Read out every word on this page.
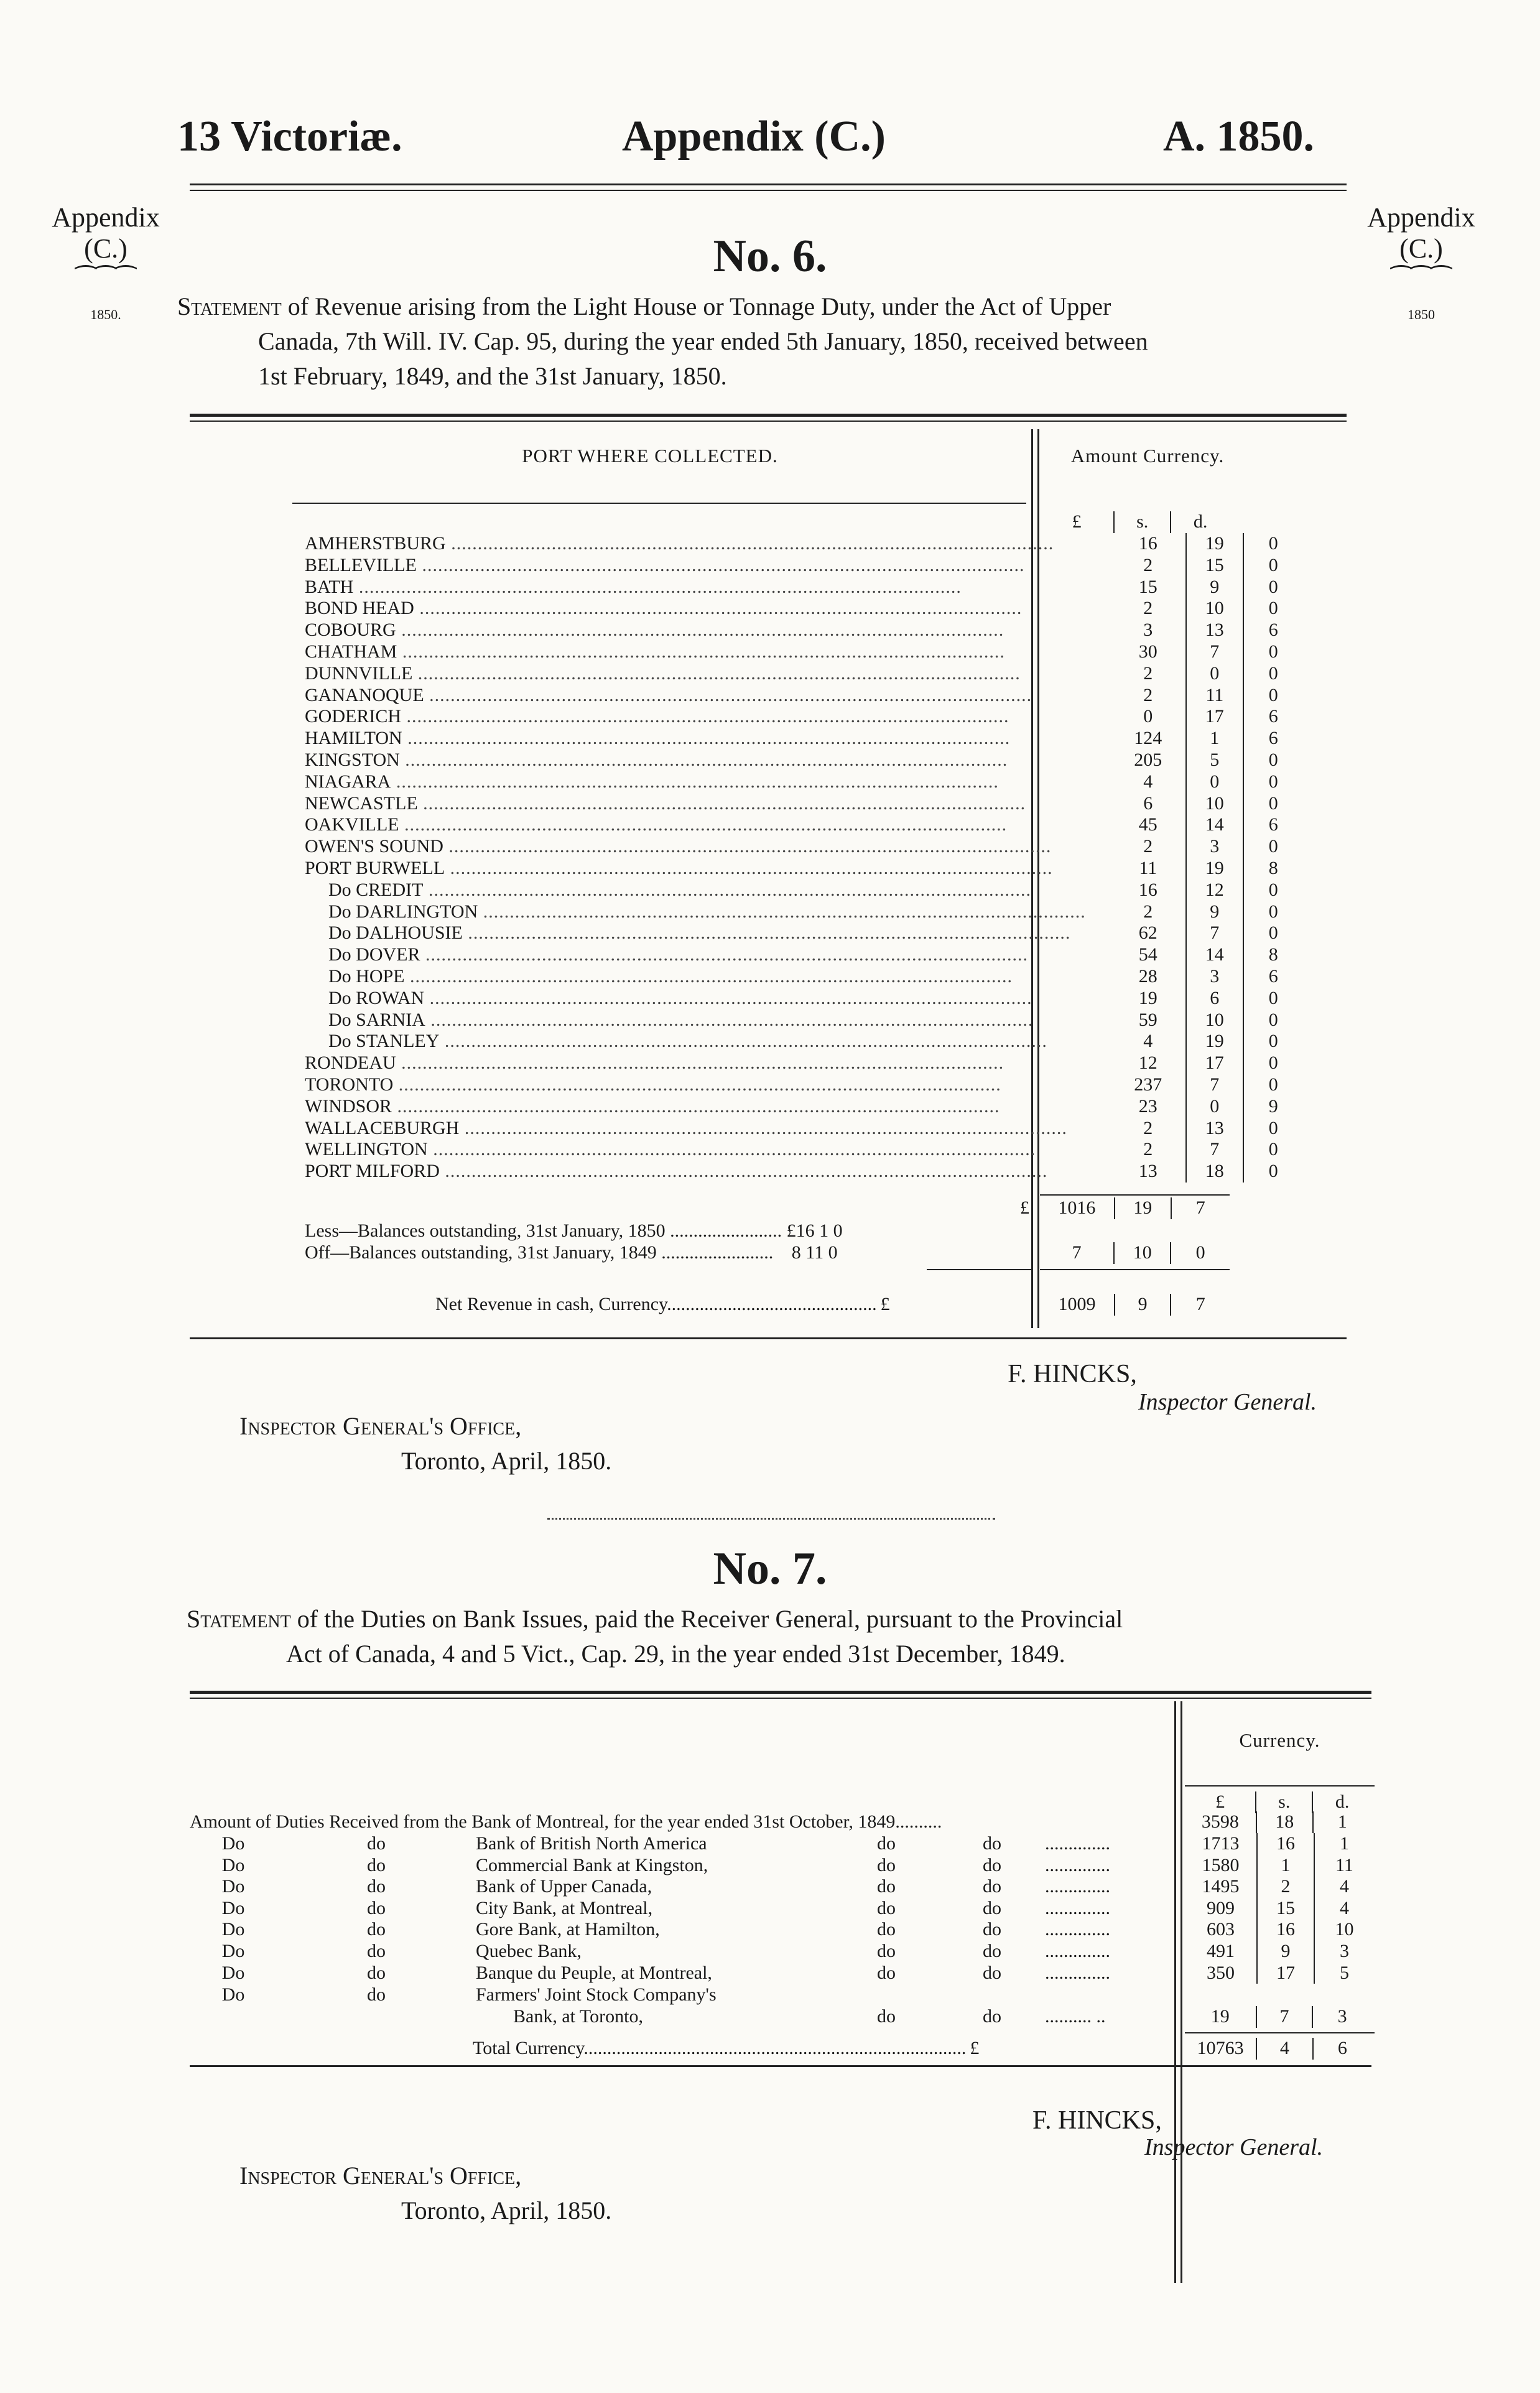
13 Victoriæ.	Appendix (C.)	A. 1850.
Appendix
(C.)
⁀⁀⁀
1850.
Appendix
(C.)
⁀⁀⁀
1850
No. 6.
Statement of Revenue arising from the Light House or Tonnage Duty, under the Act of Upper
Canada, 7th Will. IV. Cap. 95, during the year ended 5th January, 1850, received between
1st February, 1849, and the 31st January, 1850.
PORT WHERE COLLECTED.	Amount Currency.
£	s.	d.
AMHERSTBURG ..................................................................................................................		16	19	0
BELLEVILLE ..................................................................................................................		2	15	0
BATH ..................................................................................................................		15	9	0
BOND HEAD ..................................................................................................................		2	10	0
COBOURG ..................................................................................................................		3	13	6
CHATHAM ..................................................................................................................		30	7	0
DUNNVILLE ..................................................................................................................		2	0	0
GANANOQUE ..................................................................................................................		2	11	0
GODERICH ..................................................................................................................		0	17	6
HAMILTON ..................................................................................................................		124	1	6
KINGSTON ..................................................................................................................		205	5	0
NIAGARA ..................................................................................................................		4	0	0
NEWCASTLE ..................................................................................................................		6	10	0
OAKVILLE ..................................................................................................................		45	14	6
OWEN'S SOUND ..................................................................................................................		2	3	0
PORT BURWELL ..................................................................................................................		11	19	8
Do CREDIT ..................................................................................................................		16	12	0
Do DARLINGTON ..................................................................................................................		2	9	0
Do DALHOUSIE ..................................................................................................................		62	7	0
Do DOVER ..................................................................................................................		54	14	8
Do HOPE ..................................................................................................................		28	3	6
Do ROWAN ..................................................................................................................		19	6	0
Do SARNIA ..................................................................................................................		59	10	0
Do STANLEY ..................................................................................................................		4	19	0
RONDEAU ..................................................................................................................		12	17	0
TORONTO ..................................................................................................................		237	7	0
WINDSOR ..................................................................................................................		23	0	9
WALLACEBURGH ..................................................................................................................		2	13	0
WELLINGTON ..................................................................................................................		2	7	0
PORT MILFORD ..................................................................................................................		13	18	0
£ 1016	19	7
Less—Balances outstanding, 31st January, 1850 ........................ £16 1 0
Off—Balances outstanding, 31st January, 1849 ........................ 8 11 0	7	10	0
Net Revenue in cash, Currency............................................. £	1009	9	7
F. HINCKS,
Inspector General.
Inspector General's Office,
Toronto, April, 1850.
No. 7.
Statement of the Duties on Bank Issues, paid the Receiver General, pursuant to the Provincial
Act of Canada, 4 and 5 Vict., Cap. 29, in the year ended 31st December, 1849.
Currency.
£	s.	d.
Amount of Duties Received from the Bank of Montreal, for the year ended 31st October, 1849..........	3598	18	1
Do	do	Bank of British North America	do	do	..............	1713	16	1
Do	do	Commercial Bank at Kingston,	do	do	..............	1580	1	11
Do	do	Bank of Upper Canada,	do	do	..............	1495	2	4
Do	do	City Bank, at Montreal,	do	do	..............	909	15	4
Do	do	Gore Bank, at Hamilton,	do	do	..............	603	16	10
Do	do	Quebec Bank,	do	do	..............	491	9	3
Do	do	Banque du Peuple, at Montreal,	do	do	..............	350	17	5
Do	do	Farmers' Joint Stock Company's				
		Bank, at Toronto,	do	do	.......... ..		19	7	3
Total Currency.................................................................................. £	10763	4	6
F. HINCKS,
Inspector General.
Inspector General's Office,
Toronto, April, 1850.
